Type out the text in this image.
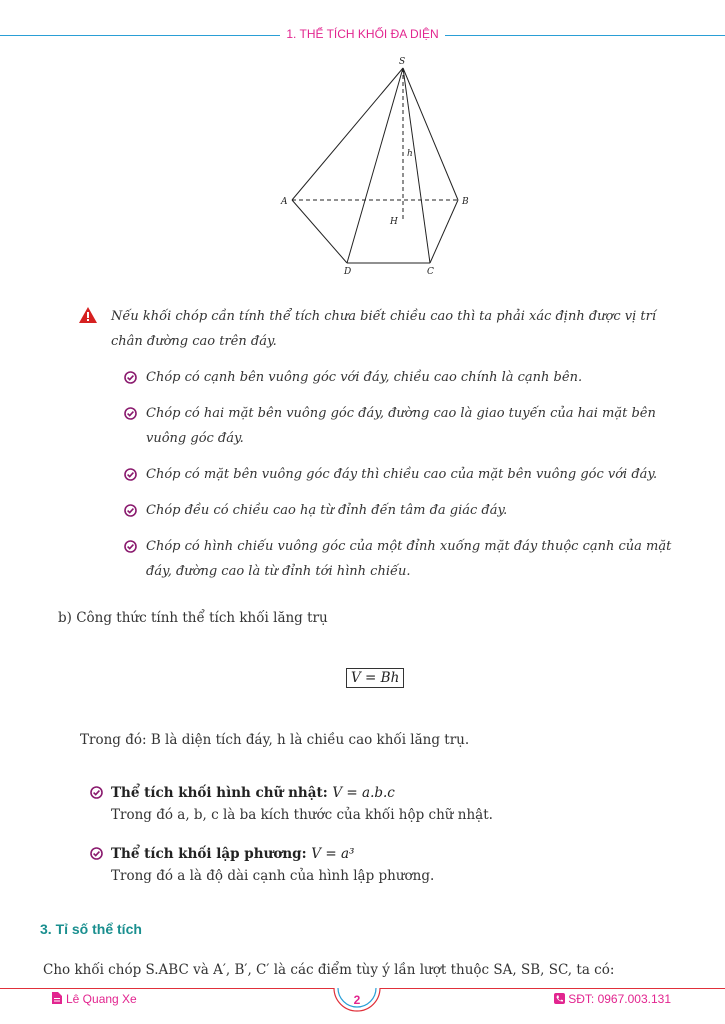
1. THỂ TÍCH KHỐI ĐA DIỆN
S
A	B
C
D
H
h
Nếu khối chóp cần tính thể tích chưa biết chiều cao thì ta phải xác định được vị trí chân đường cao trên đáy.
Chóp có cạnh bên vuông góc với đáy, chiều cao chính là cạnh bên.
Chóp có hai mặt bên vuông góc đáy, đường cao là giao tuyến của hai mặt bên vuông góc đáy.
Chóp có mặt bên vuông góc đáy thì chiều cao của mặt bên vuông góc với đáy.
Chóp đều có chiều cao hạ từ đỉnh đến tâm đa giác đáy.
Chóp có hình chiếu vuông góc của một đỉnh xuống mặt đáy thuộc cạnh của mặt đáy, đường cao là từ đỉnh tới hình chiếu.
b) Công thức tính thể tích khối lăng trụ
V = Bh
Trong đó: B là diện tích đáy, h là chiều cao khối lăng trụ.
Thể tích khối hình chữ nhật: V = a.b.c
Trong đó a, b, c là ba kích thước của khối hộp chữ nhật.
Thể tích khối lập phương: V = a³
Trong đó a là độ dài cạnh của hình lập phương.
3. Tỉ số thể tích
Cho khối chóp S.ABC và A′, B′, C′ là các điểm tùy ý lần lượt thuộc SA, SB, SC, ta có:
2
Lê Quang Xe	SĐT: 0967.003.131
